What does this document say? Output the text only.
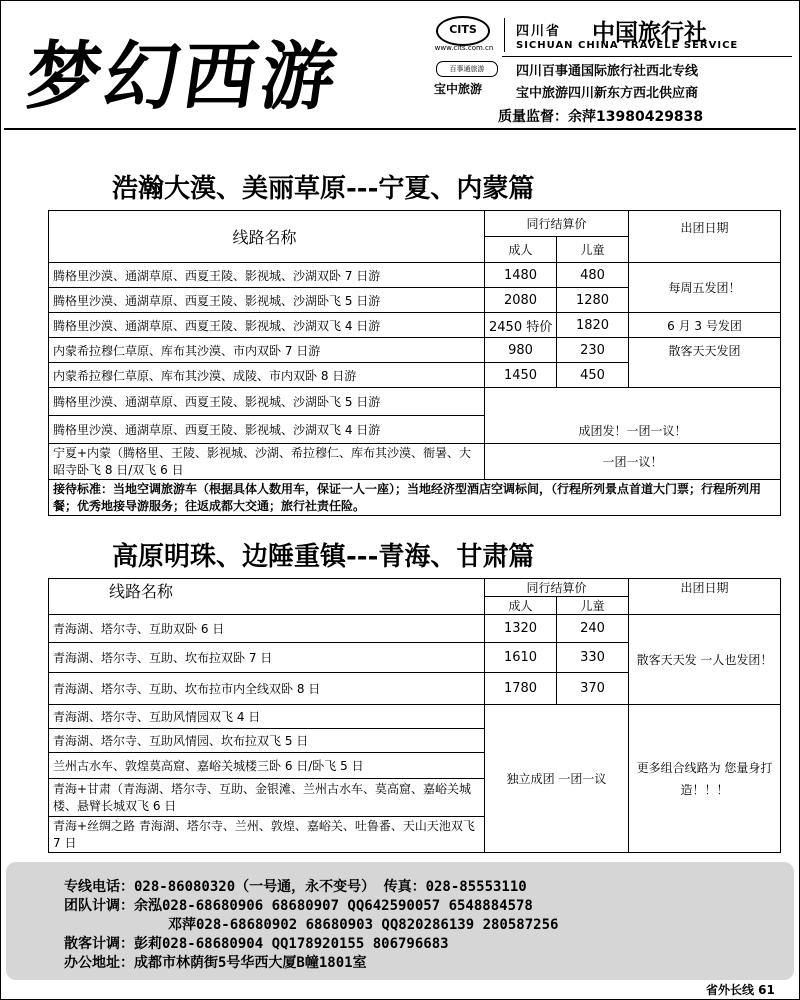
梦幻西游
CITS
www.cits.com.cn
四川省 中国旅行社
SICHUAN CHINA TRAVELE SERVICE
百事通旅游
宝中旅游
四川百事通国际旅行社西北专线
宝中旅游四川新东方西北供应商
质量监督：余萍13980429838
浩瀚大漠、美丽草原---宁夏、内蒙篇
线路名称	同行结算价		出团日期
	成人	儿童	
腾格里沙漠、通湖草原、西夏王陵、影视城、沙湖双卧 7 日游	1480	480	每周五发团！
腾格里沙漠、通湖草原、西夏王陵、影视城、沙湖卧飞 5 日游	2080	1280	
腾格里沙漠、通湖草原、西夏王陵、影视城、沙湖双飞 4 日游	2450 特价	1820	6 月 3 号发团
内蒙希拉穆仁草原、库布其沙漠、市内双卧 7 日游	980	230	散客天天发团
内蒙希拉穆仁草原、库布其沙漠、成陵、市内双卧 8 日游	1450	450	
腾格里沙漠、通湖草原、西夏王陵、影视城、沙湖卧飞 5 日游	成团发！一团一议！		
腾格里沙漠、通湖草原、西夏王陵、影视城、沙湖双飞 4 日游			
宁夏+内蒙（腾格里、王陵、影视城、沙湖、希拉穆仁、库布其沙漠、衙暑、大昭寺卧飞 8 日/双飞 6 日	一团一议！		
接待标准：当地空调旅游车（根据具体人数用车，保证一人一座）；当地经济型酒店空调标间，（行程所列景点首道大门票；行程所列用餐；优秀地接导游服务；往返成都大交通；旅行社责任险。			
高原明珠、边陲重镇---青海、甘肃篇
线路名称	同行结算价		出团日期
	成人	儿童	
青海湖、塔尔寺、互助双卧 6 日	1320	240	散客天天发 一人也发团！
青海湖、塔尔寺、互助、坎布拉双卧 7 日	1610	330	
青海湖、塔尔寺、互助、坎布拉市内全线双卧 8 日	1780	370	
青海湖、塔尔寺、互助风情园双飞 4 日	独立成团 一团一议		更多组合线路为 您量身打造！！！
青海湖、塔尔寺、互助风情园、坎布拉双飞 5 日			
兰州古水车、敦煌莫高窟、嘉峪关城楼三卧 6 日/卧飞 5 日			
青海+甘肃（青海湖、塔尔寺、互助、金银滩、兰州古水车、莫高窟、嘉峪关城楼、悬臂长城双飞 6 日			
青海+丝绸之路 青海湖、塔尔寺、兰州、敦煌、嘉峪关、吐鲁番、天山天池双飞 7 日			
专线电话：028-86080320（一号通，永不变号） 传真：028-85553110
团队计调：余泓028-68680906 68680907 QQ642590057 6548884578
邓萍028-68680902 68680903 QQ820286139 280587256
散客计调：彭莉028-68680904 QQ178920155 806796683
办公地址：成都市林荫街5号华西大厦B幢1801室
省外长线 61
